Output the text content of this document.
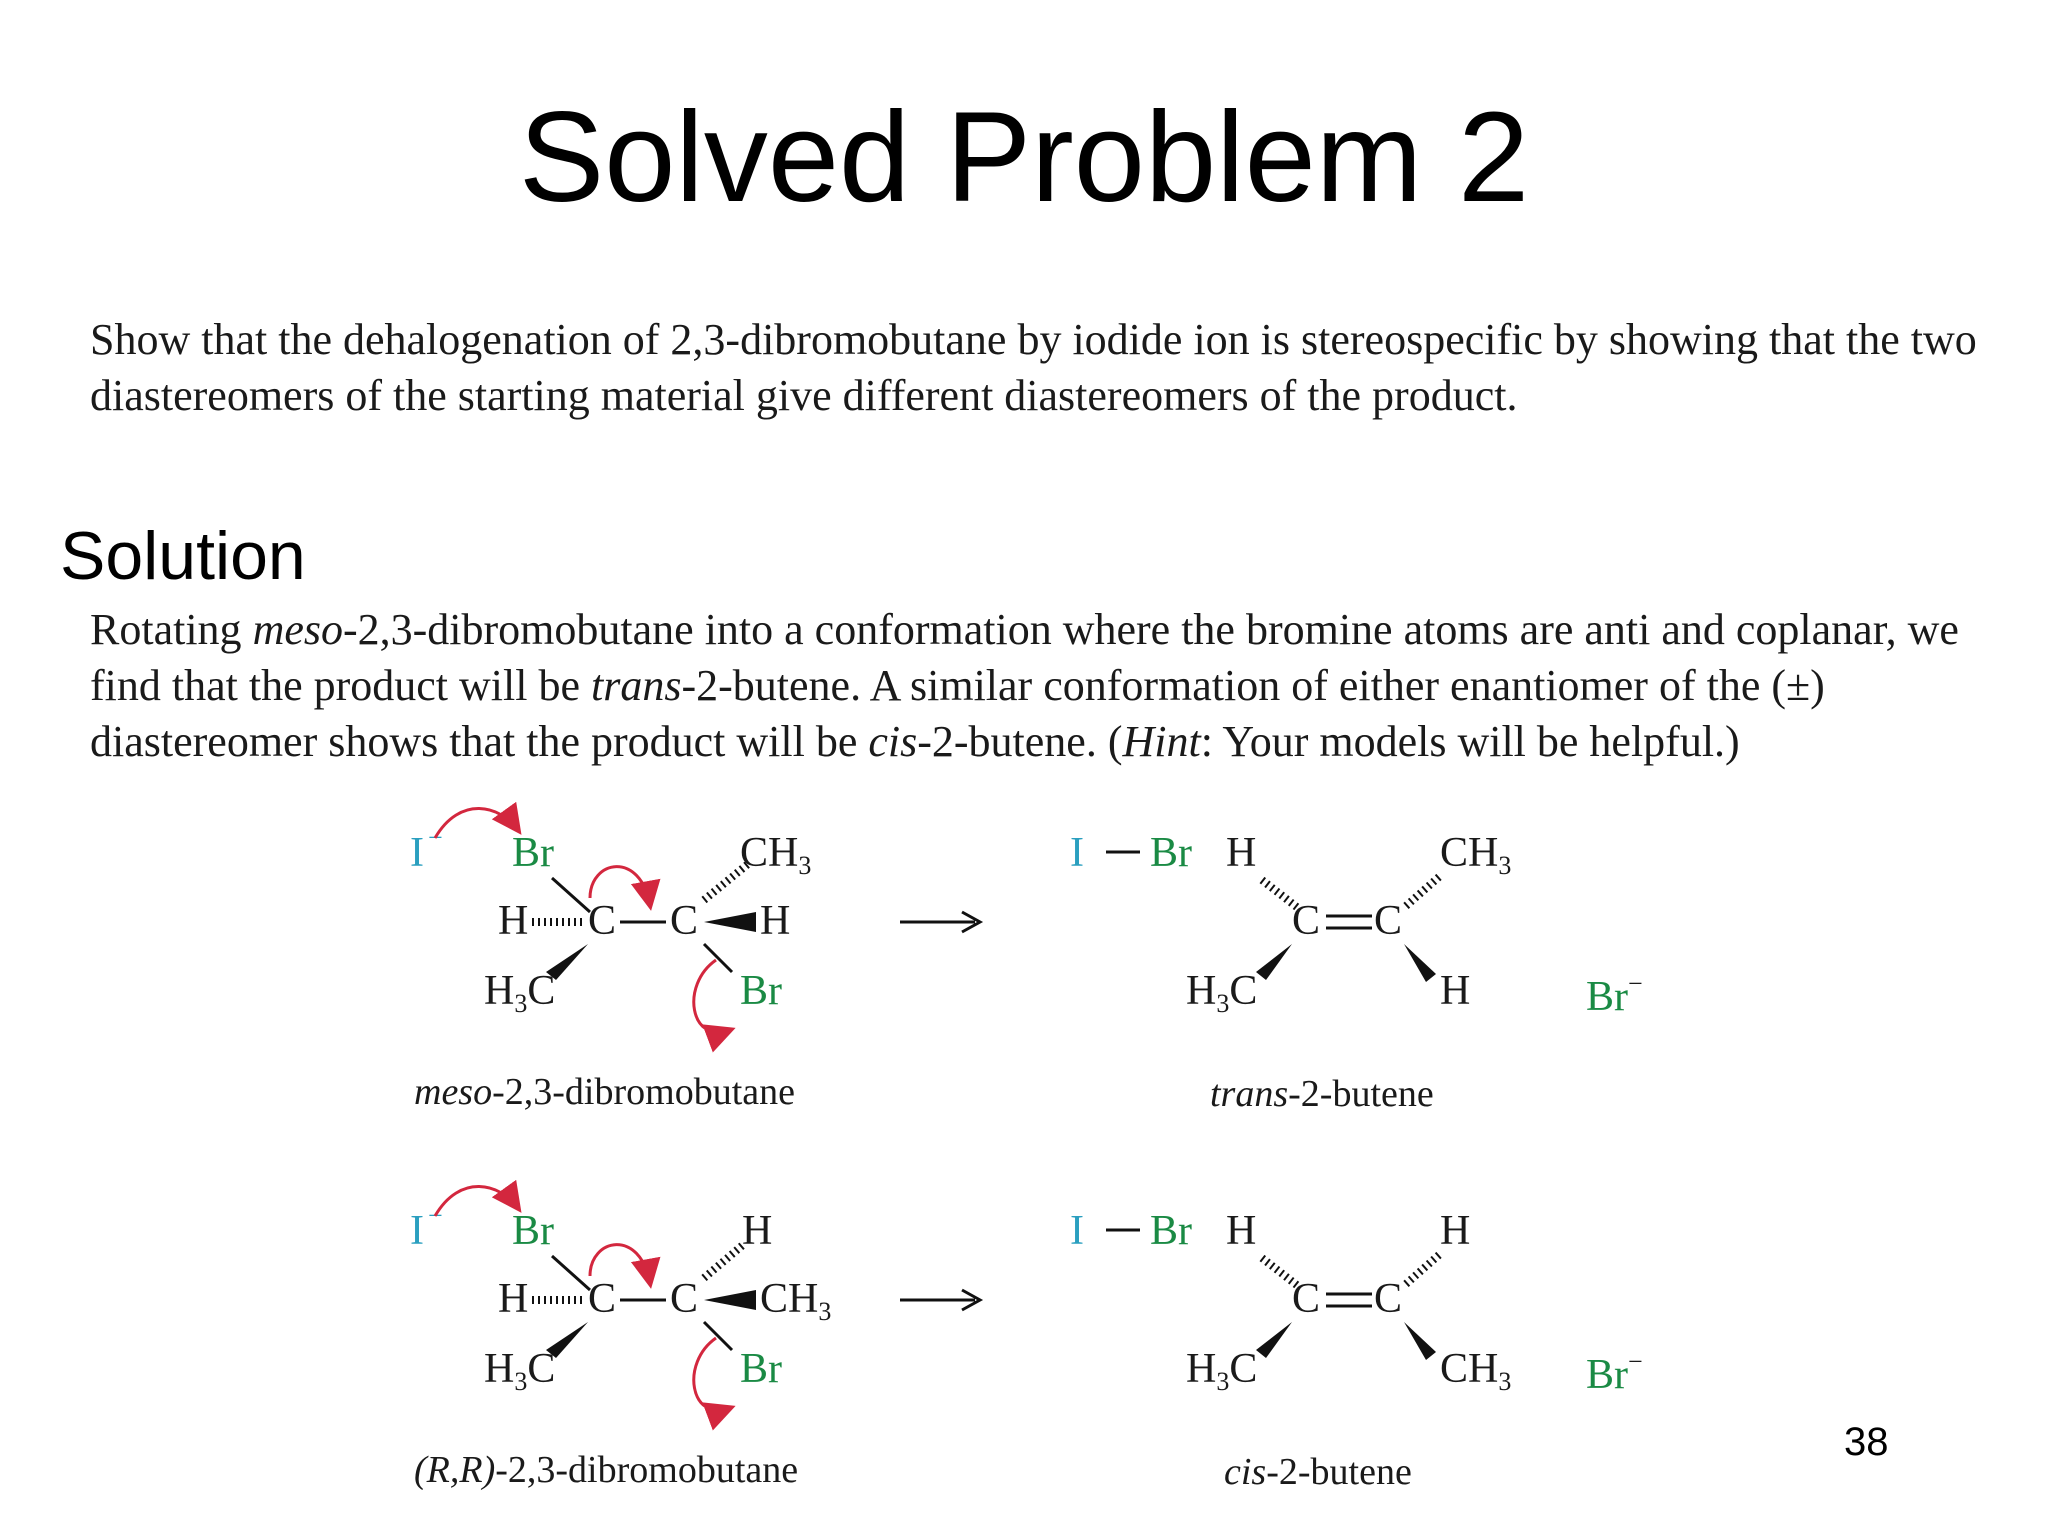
Solved Problem 2
Show that the dehalogenation of 2,3-dibromobutane by iodide ion is stereospecific by showing that the two diastereomers of the starting material give different diastereomers of the product.
Solution
Rotating meso-2,3-dibromobutane into a conformation where the bromine atoms are anti and coplanar, we find that the product will be trans-2-butene. A similar conformation of either enantiomer of the (±) diastereomer shows that the product will be cis-2-butene. (Hint: Your models will be helpful.)
I − Br
H C C
H3C
CH3
H
Br
meso-2,3-dibromobutane
I Br H
C C
CH3
H3C	H	Br−
trans-2-butene
I − Br
H C C
H3C
H
CH3
Br
(R,R)-2,3-dibromobutane
I Br H
C C
H
H3C	CH3 Br−
cis-2-butene
38
